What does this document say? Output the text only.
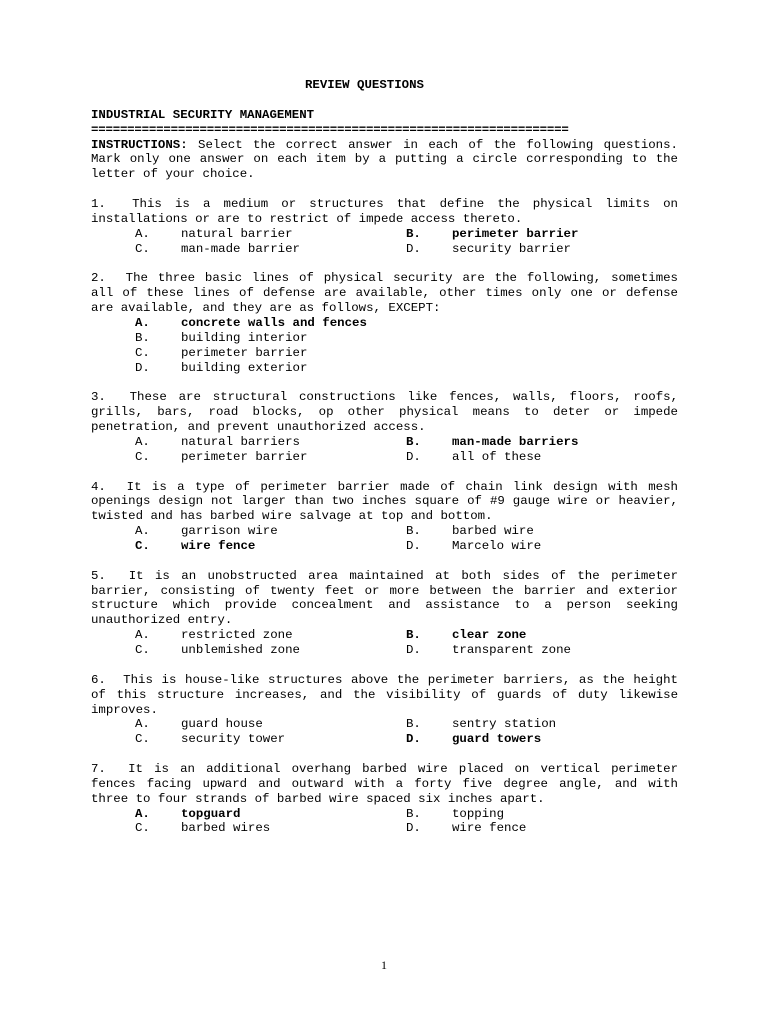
REVIEW QUESTIONS
INDUSTRIAL SECURITY MANAGEMENT
==================================================================
INSTRUCTIONS: Select the correct answer in each of the following questions. Mark only one answer on each item by a putting a circle corresponding to the letter of your choice.
1. This is a medium or structures that define the physical limits on installations or are to restrict of impede access thereto.
A.	natural barrier	B.	perimeter barrier
C.	man-made barrier	D.	security barrier
2. The three basic lines of physical security are the following, sometimes all of these lines of defense are available, other times only one or defense are available, and they are as follows, EXCEPT:
A.	concrete walls and fences
B.	building interior
C.	perimeter barrier
D.	building exterior
3. These are structural constructions like fences, walls, floors, roofs, grills, bars, road blocks, op other physical means to deter or impede penetration, and prevent unauthorized access.
A.	natural barriers	B.	man-made barriers
C.	perimeter barrier	D.	all of these
4. It is a type of perimeter barrier made of chain link design with mesh openings design not larger than two inches square of #9 gauge wire or heavier, twisted and has barbed wire salvage at top and bottom.
A.	garrison wire	B.	barbed wire
C.	wire fence	D.	Marcelo wire
5. It is an unobstructed area maintained at both sides of the perimeter barrier, consisting of twenty feet or more between the barrier and exterior structure which provide concealment and assistance to a person seeking unauthorized entry.
A.	restricted zone	B.	clear zone
C.	unblemished zone	D.	transparent zone
6. This is house-like structures above the perimeter barriers, as the height of this structure increases, and the visibility of guards of duty likewise improves.
A.	guard house	B.	sentry station
C.	security tower	D.	guard towers
7. It is an additional overhang barbed wire placed on vertical perimeter fences facing upward and outward with a forty five degree angle, and with three to four strands of barbed wire spaced six inches apart.
A.	topguard	B.	topping
C.	barbed wires	D.	wire fence
1
